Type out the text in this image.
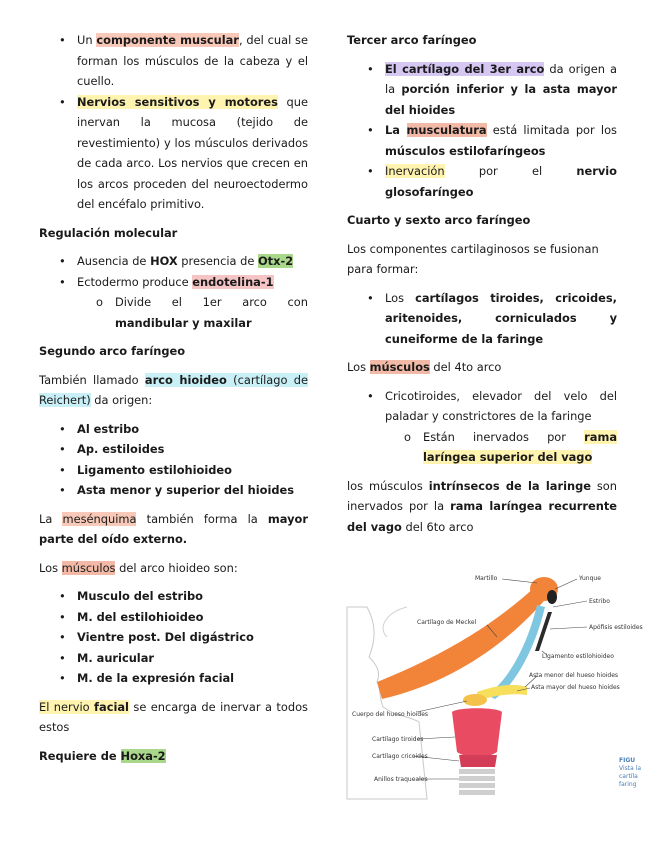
• Un componente muscular, del cual se forman los músculos de la cabeza y el cuello.
• Nervios sensitivos y motores que inervan la mucosa (tejido de revestimiento) y los músculos derivados de cada arco. Los nervios que crecen en los arcos proceden del neuroectodermo del encéfalo primitivo.

Regulación molecular

• Ausencia de HOX presencia de Otx-2
• Ectodermo produce endotelina-1
o Divide el 1er arco con mandibular y maxilar

Segundo arco faríngeo

También llamado arco hioideo (cartílago de Reichert) da origen:

• Al estribo
• Ap. estiloides
• Ligamento estilohioideo
• Asta menor y superior del hioides

La mesénquima también forma la mayor parte del oído externo.

Los músculos del arco hioideo son:

• Musculo del estribo
• M. del estilohioideo
• Vientre post. Del digástrico
• M. auricular
• M. de la expresión facial

El nervio facial se encarga de inervar a todos estos

Requiere de Hoxa-2

Tercer arco faríngeo

• El cartílago del 3er arco da origen a la porción inferior y la asta mayor del hioides
• La musculatura está limitada por los músculos estilofaríngeos
• Inervación por el nervio glosofaríngeo

Cuarto y sexto arco faríngeo

Los componentes cartilaginosos se fusionan para formar:

• Los cartílagos tiroides, cricoides, aritenoides, corniculados y cuneiforme de la faringe

Los músculos del 4to arco

• Cricotiroides, elevador del velo del paladar y constrictores de la faringe
o Están inervados por rama laríngea superior del vago

los músculos intrínsecos de la laringe son inervados por la rama laríngea recurrente del vago del 6to arco

Martillo	Yunque
Estribo
Apófisis estiloides
Cartílago de Meckel
Ligamento estilohioideo
Asta menor del hueso hioides
Asta mayor del hueso hioides
Cuerpo del hueso hioides
Cartílago tiroides
Cartílago cricoides
Anillos traqueales
FIGU
Vista la
cartíla
faring
